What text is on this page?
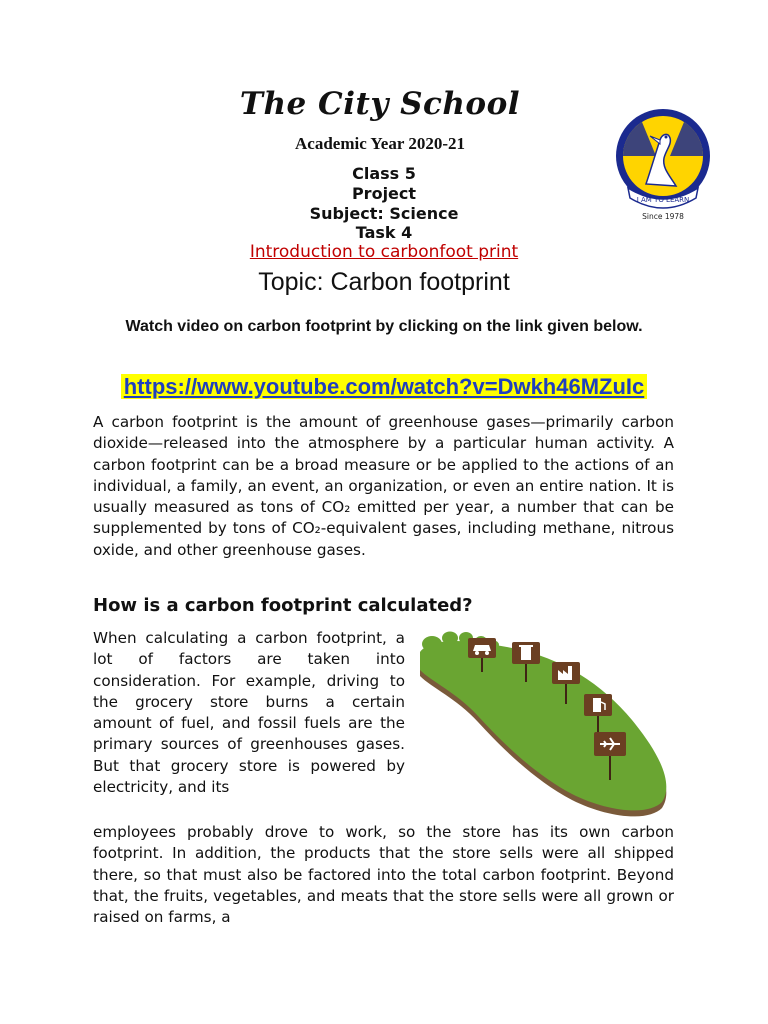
The City School
Academic Year 2020-21
Class 5
Project
Subject: Science
Task 4
Introduction to carbonfoot print
Topic: Carbon footprint
I AM TO LEARN
Since 1978
Watch video on carbon footprint by clicking on the link given below.
https://www.youtube.com/watch?v=Dwkh46MZuIc

A carbon footprint is the amount of greenhouse gases—primarily carbon dioxide—released into the atmosphere by a particular human activity. A carbon footprint can be a broad measure or be applied to the actions of an individual, a family, an event, an organization, or even an entire nation. It is usually measured as tons of CO₂ emitted per year, a number that can be supplemented by tons of CO₂-equivalent gases, including methane, nitrous oxide, and other greenhouse gases.

How is a carbon footprint calculated?

When calculating a carbon footprint, a lot of factors are taken into consideration. For example, driving to the grocery store burns a certain amount of fuel, and fossil fuels are the primary sources of greenhouses gases. But that grocery store is powered by electricity, and its

employees probably drove to work, so the store has its own carbon footprint. In addition, the products that the store sells were all shipped there, so that must also be factored into the total carbon footprint. Beyond that, the fruits, vegetables, and meats that the store sells were all grown or raised on farms, a
